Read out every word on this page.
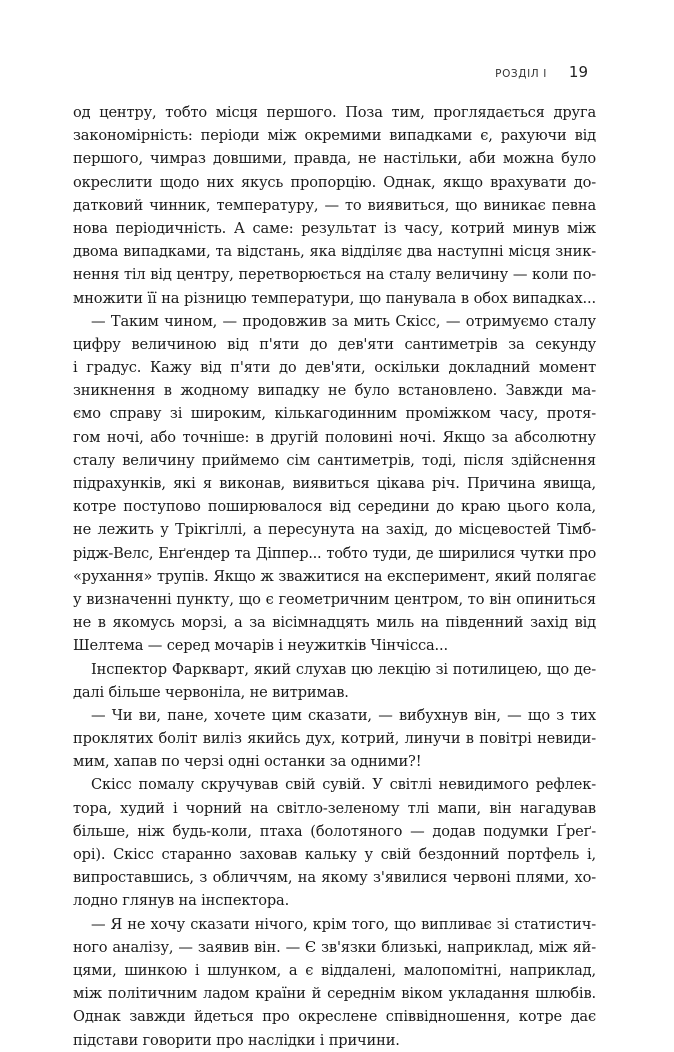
РОЗДІЛ І 19

од центру, тобто місця першого. Поза тим, проглядається друга
закономірність: періоди між окремими випадками є, рахуючи від
першого, чимраз довшими, правда, не настільки, аби можна було
окреслити щодо них якусь пропорцію. Однак, якщо врахувати до-
датковий чинник, температуру, — то виявиться, що виникає певна
нова періодичність. А саме: результат із часу, котрий минув між
двома випадками, та відстань, яка відділяє два наступні місця зник-
нення тіл від центру, перетворюється на сталу величину — коли по-
множити її на різницю температури, що панувала в обох випадках...

— Таким чином, — продовжив за мить Скісс, — отримуємо сталу
цифру величиною від п'яти до дев'яти сантиметрів за секунду
і градус. Кажу від п'яти до дев'яти, оскільки докладний момент
зникнення в жодному випадку не було встановлено. Завжди ма-
ємо справу зі широким, кількагодинним проміжком часу, протя-
гом ночі, або точніше: в другій половині ночі. Якщо за абсолютну
сталу величину приймемо сім сантиметрів, тоді, після здійснення
підрахунків, які я виконав, виявиться цікава річ. Причина явища,
котре поступово поширювалося від середини до краю цього кола,
не лежить у Трікгіллі, а пересунута на захід, до місцевостей Тімб-
рідж-Велс, Енґендер та Діппер... тобто туди, де ширилися чутки про
«рухання» трупів. Якщо ж зважитися на експеримент, який полягає
у визначенні пункту, що є геометричним центром, то він опиниться
не в якомусь морзі, а за вісімнадцять миль на південний захід від
Шелтема — серед мочарів і неужитків Чінчісса...

Інспектор Фаркварт, який слухав цю лекцію зі потилицею, що де-
далі більше червоніла, не витримав.

— Чи ви, пане, хочете цим сказати, — вибухнув він, — що з тих
проклятих боліт виліз якийсь дух, котрий, линучи в повітрі невиди-
мим, хапав по черзі одні останки за одними?!

Скісс помалу скручував свій сувій. У світлі невидимого рефлек-
тора, худий і чорний на світло-зеленому тлі мапи, він нагадував
більше, ніж будь-коли, птаха (болотяного — додав подумки Ґреґ-
орі). Скісс старанно заховав кальку у свій бездонний портфель і,
випроставшись, з обличчям, на якому з'явилися червоні плями, хо-
лодно глянув на інспектора.

— Я не хочу сказати нічого, крім того, що випливає зі статистич-
ного аналізу, — заявив він. — Є зв'язки близькі, наприклад, між яй-
цями, шинкою і шлунком, а є віддалені, малопомітні, наприклад,
між політичним ладом країни й середнім віком укладання шлюбів.
Однак завжди йдеться про окреслене співвідношення, котре дає
підстави говорити про наслідки і причини.
